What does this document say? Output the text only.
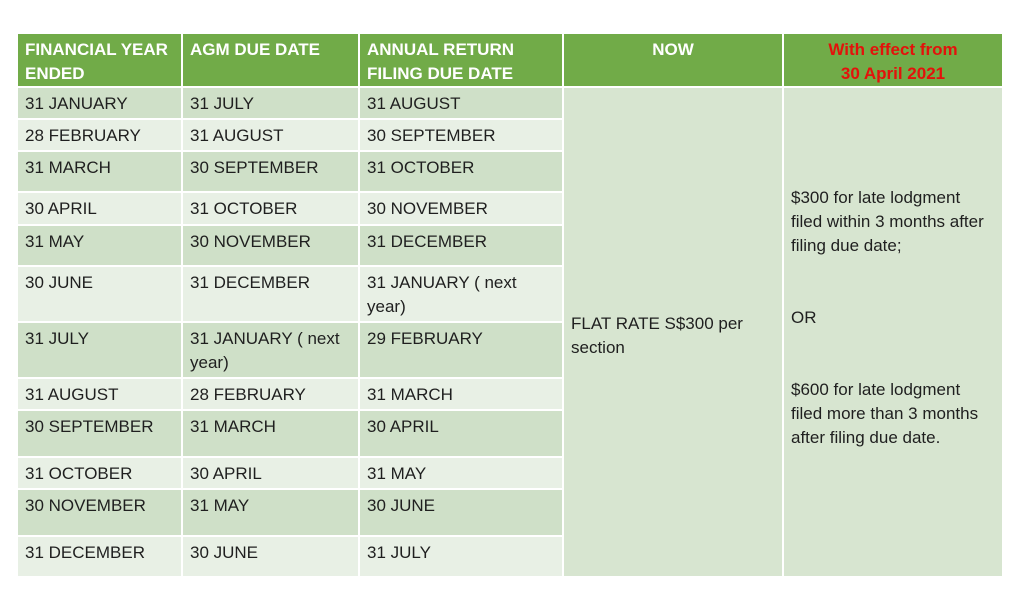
FINANCIAL YEAR ENDED	AGM DUE DATE	ANNUAL RETURN FILING DUE DATE	NOW	With effect from
30 April 2021

31 JANUARY	31 JULY	31 AUGUST	FLAT RATE S$300 per section	$300 for late lodgment filed within 3 months after filing due date;
OR
$600 for late lodgment filed more than 3 months after filing due date.

28 FEBRUARY	31 AUGUST	30 SEPTEMBER		
31 MARCH	30 SEPTEMBER	31 OCTOBER		
30 APRIL	31 OCTOBER	30 NOVEMBER		
31 MAY	30 NOVEMBER	31 DECEMBER		
30 JUNE	31 DECEMBER	31 JANUARY ( next year)		
31 JULY	31 JANUARY ( next year)	29 FEBRUARY		
31 AUGUST	28 FEBRUARY	31 MARCH		
30 SEPTEMBER	31 MARCH	30 APRIL		
31 OCTOBER	30 APRIL	31 MAY		
30 NOVEMBER	31 MAY	30 JUNE		
31 DECEMBER	30 JUNE	31 JULY		
